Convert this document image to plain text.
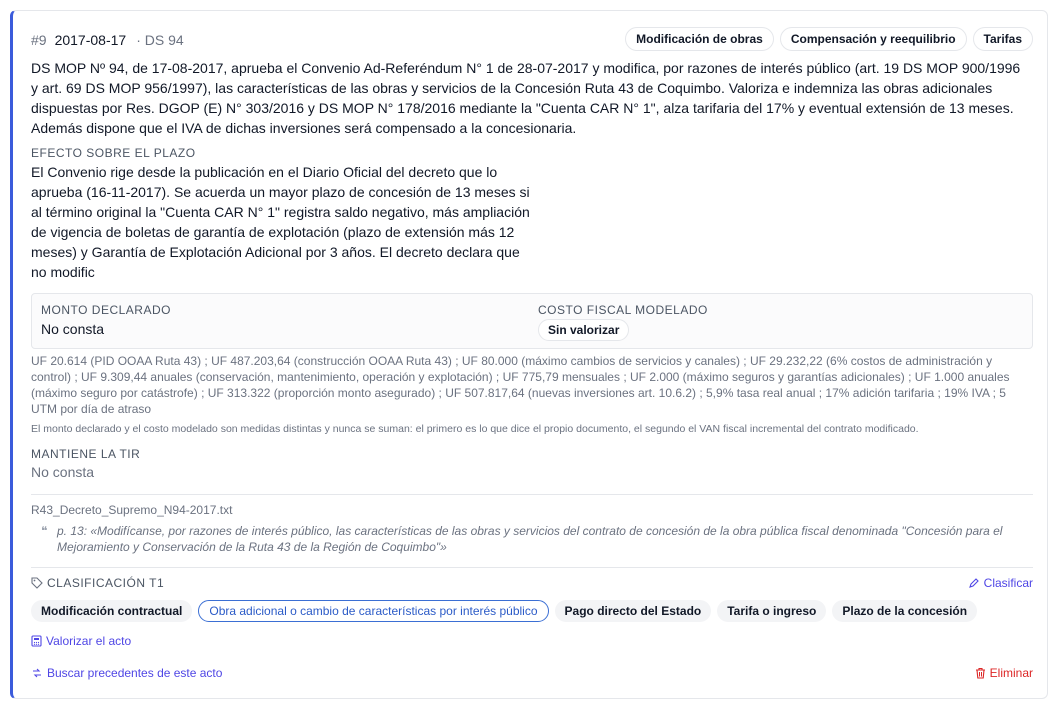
#9 2017-08-17 · DS 94	Modificación de obras	Compensación y reequilibrio	Tarifas
DS MOP Nº 94, de 17-08-2017, aprueba el Convenio Ad-Referéndum N° 1 de 28-07-2017 y modifica, por razones de interés público (art. 19 DS MOP 900/1996 y art. 69 DS MOP 956/1997), las características de las obras y servicios de la Concesión Ruta 43 de Coquimbo. Valoriza e indemniza las obras adicionales dispuestas por Res. DGOP (E) N° 303/2016 y DS MOP N° 178/2016 mediante la "Cuenta CAR N° 1", alza tarifaria del 17% y eventual extensión de 13 meses. Además dispone que el IVA de dichas inversiones será compensado a la concesionaria.
EFECTO SOBRE EL PLAZO
El Convenio rige desde la publicación en el Diario Oficial del decreto que lo aprueba (16-11-2017). Se acuerda un mayor plazo de concesión de 13 meses si al término original la "Cuenta CAR N° 1" registra saldo negativo, más ampliación de vigencia de boletas de garantía de explotación (plazo de extensión más 12 meses) y Garantía de Explotación Adicional por 3 años. El decreto declara que no modific
MONTO DECLARADO
No consta
COSTO FISCAL MODELADO
Sin valorizar
UF 20.614 (PID OOAA Ruta 43) ; UF 487.203,64 (construcción OOAA Ruta 43) ; UF 80.000 (máximo cambios de servicios y canales) ; UF 29.232,22 (6% costos de administración y control) ; UF 9.309,44 anuales (conservación, mantenimiento, operación y explotación) ; UF 775,79 mensuales ; UF 2.000 (máximo seguros y garantías adicionales) ; UF 1.000 anuales (máximo seguro por catástrofe) ; UF 313.322 (proporción monto asegurado) ; UF 507.817,64 (nuevas inversiones art. 10.6.2) ; 5,9% tasa real anual ; 17% adición tarifaria ; 19% IVA ; 5 UTM por día de atraso
El monto declarado y el costo modelado son medidas distintas y nunca se suman: el primero es lo que dice el propio documento, el segundo el VAN fiscal incremental del contrato modificado.
MANTIENE LA TIR
No consta
R43_Decreto_Supremo_N94-2017.txt
❝ p. 13: «Modifícanse, por razones de interés público, las características de las obras y servicios del contrato de concesión de la obra pública fiscal denominada "Concesión para el Mejoramiento y Conservación de la Ruta 43 de la Región de Coquimbo"»
CLASIFICACIÓN T1	Clasificar
Modificación contractual	Obra adicional o cambio de características por interés público	Pago directo del Estado	Tarifa o ingreso	Plazo de la concesión
Valorizar el acto
Buscar precedentes de este acto	Eliminar
